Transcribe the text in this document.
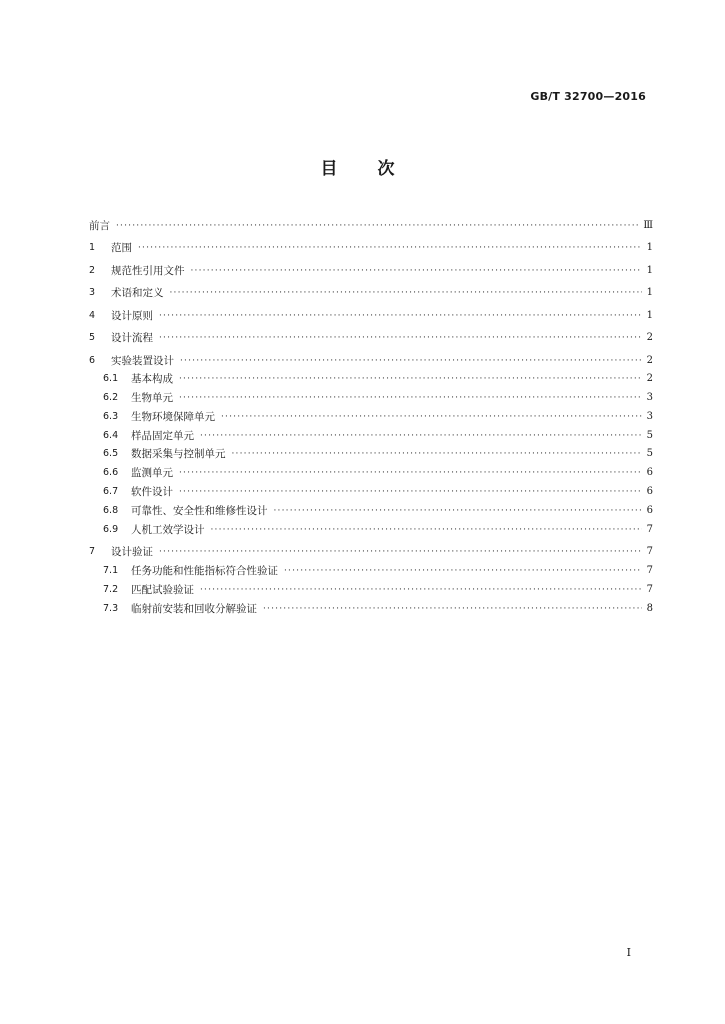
GB/T 32700—2016
目次
前言 ·····	Ⅲ
1	范围 ·····	1
2	规范性引用文件 ·····	1
3	术语和定义 ·····	1
4	设计原则 ·····	1
5	设计流程 ·····	2
6	实验装置设计 ·····	2
6.1	基本构成 ·····	2
6.2	生物单元 ·····	3
6.3	生物环境保障单元 ·····	3
6.4	样品固定单元 ·····	5
6.5	数据采集与控制单元 ·····	5
6.6	监测单元 ·····	6
6.7	软件设计 ·····	6
6.8	可靠性、安全性和维修性设计 ·····	6
6.9	人机工效学设计 ·····	7
7	设计验证 ·····	7
7.1	任务功能和性能指标符合性验证 ·····	7
7.2	匹配试验验证 ·····	7
7.3	临射前安装和回收分解验证 ·····	8
I
